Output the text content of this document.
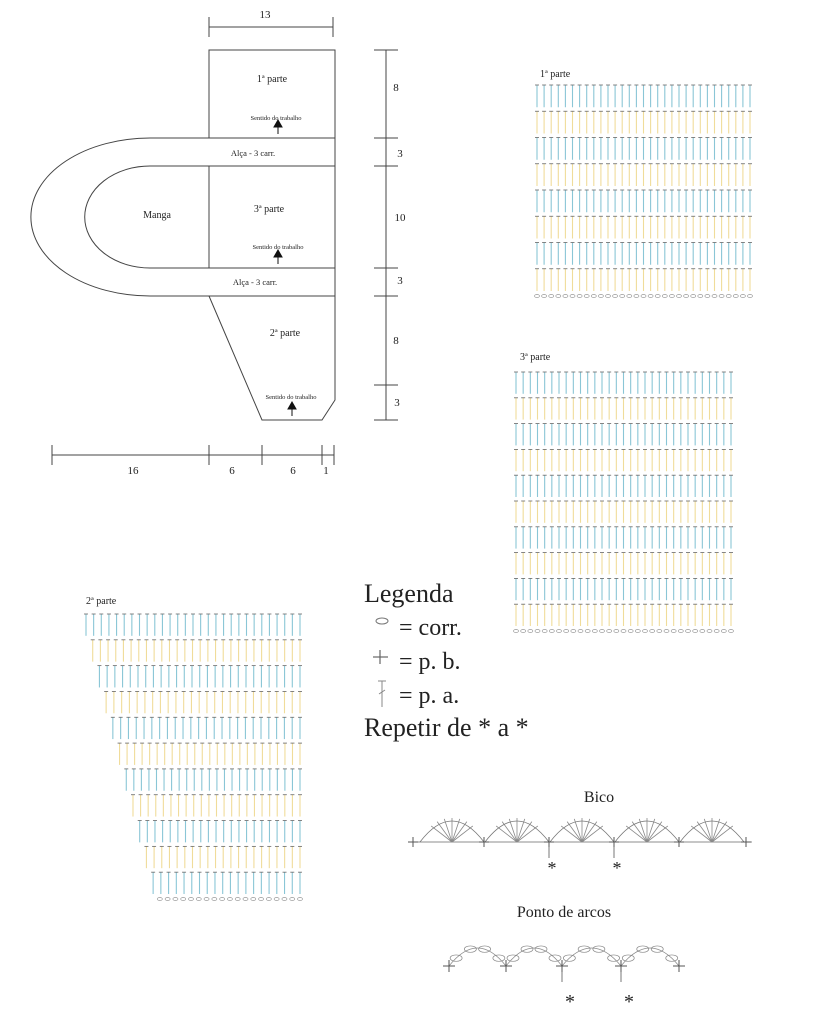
13
1ª parte
Sentido do trabalho
Alça - 3 carr.
Manga
3ª parte
Sentido do trabalho
Alça - 3 carr.
2ª parte
Sentido do trabalho
8
3
10
3
8
3
16	6	6	1
1ª parte
3ª parte
2ª parte	Legenda
= corr.
= p. b.
= p. a.
Repetir de * a *
Bico
*	*
Ponto de arcos
* *
